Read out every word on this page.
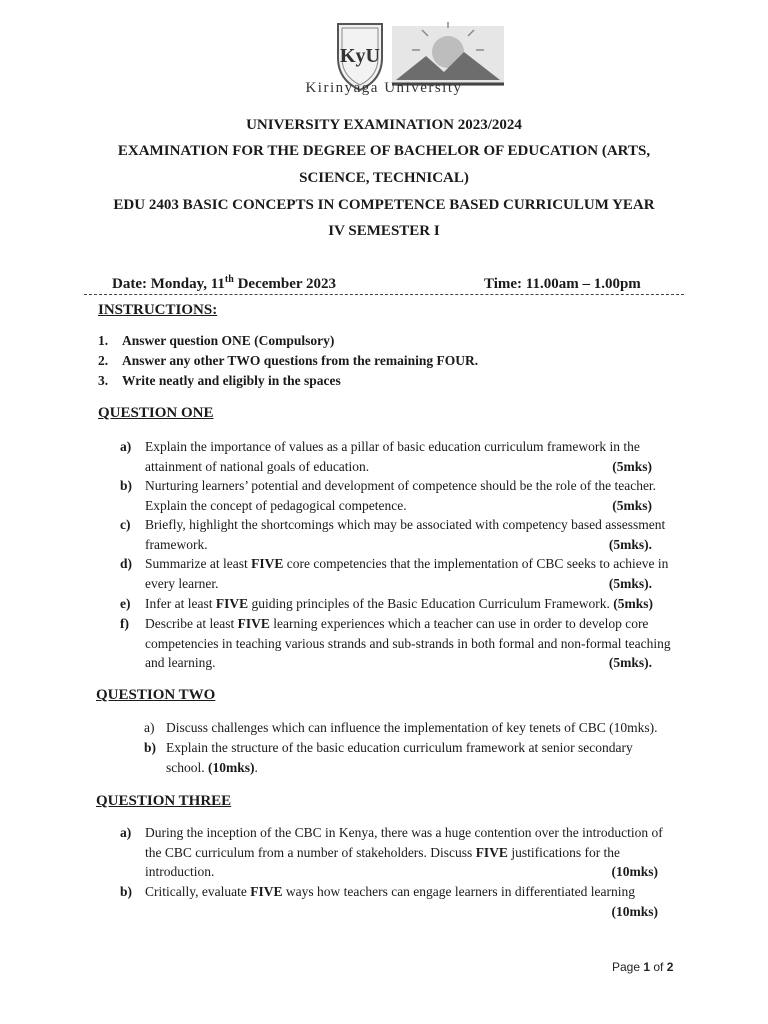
KyU
Kirinyaga University
UNIVERSITY EXAMINATION 2023/2024
EXAMINATION FOR THE DEGREE OF BACHELOR OF EDUCATION (ARTS,
SCIENCE, TECHNICAL)
EDU 2403 BASIC CONCEPTS IN COMPETENCE BASED CURRICULUM YEAR
IV SEMESTER I
Date: Monday, 11th December 2023	Time: 11.00am – 1.00pm
INSTRUCTIONS:
1. Answer question ONE (Compulsory)
2. Answer any other TWO questions from the remaining FOUR.
3. Write neatly and eligibly in the spaces
QUESTION ONE
a) Explain the importance of values as a pillar of basic education curriculum framework in the
attainment of national goals of education.	(5mks)
b) Nurturing learners’ potential and development of competence should be the role of the teacher.
Explain the concept of pedagogical competence.	(5mks)
c) Briefly, highlight the shortcomings which may be associated with competency based assessment
framework.	(5mks).
d) Summarize at least FIVE core competencies that the implementation of CBC seeks to achieve in
every learner.	(5mks).
e) Infer at least FIVE guiding principles of the Basic Education Curriculum Framework. (5mks)
f) Describe at least FIVE learning experiences which a teacher can use in order to develop core
competencies in teaching various strands and sub-strands in both formal and non-formal teaching
and learning.	(5mks).
QUESTION TWO
a) Discuss challenges which can influence the implementation of key tenets of CBC (10mks).
b) Explain the structure of the basic education curriculum framework at senior secondary
school. (10mks).
QUESTION THREE
a) During the inception of the CBC in Kenya, there was a huge contention over the introduction of
the CBC curriculum from a number of stakeholders. Discuss FIVE justifications for the
introduction.	(10mks)
b) Critically, evaluate FIVE ways how teachers can engage learners in differentiated learning
(10mks)
Page 1 of 2
